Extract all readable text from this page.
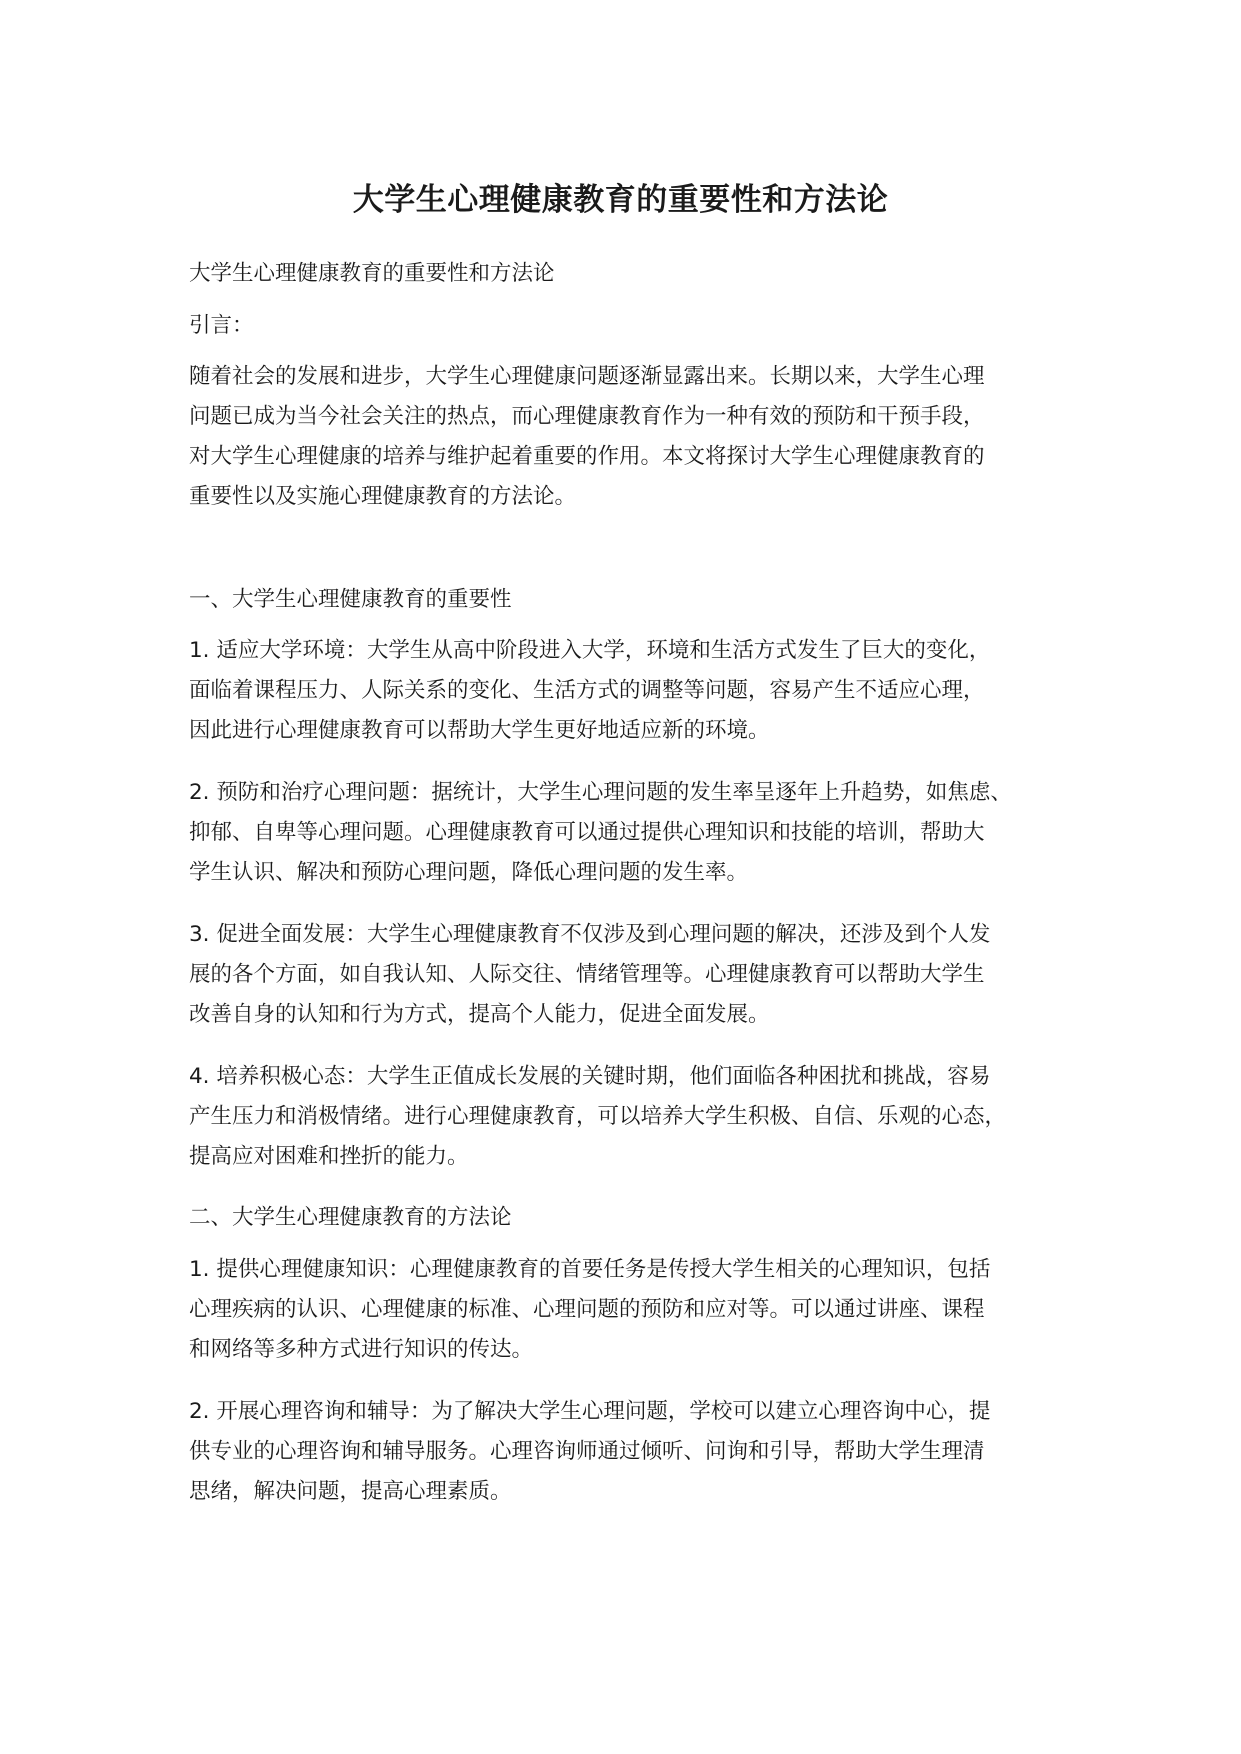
大学生心理健康教育的重要性和方法论

大学生心理健康教育的重要性和方法论

引言：

随着社会的发展和进步，大学生心理健康问题逐渐显露出来。长期以来，大学生心理
问题已成为当今社会关注的热点，而心理健康教育作为一种有效的预防和干预手段，
对大学生心理健康的培养与维护起着重要的作用。本文将探讨大学生心理健康教育的
重要性以及实施心理健康教育的方法论。

一、大学生心理健康教育的重要性

1. 适应大学环境：大学生从高中阶段进入大学，环境和生活方式发生了巨大的变化，
面临着课程压力、人际关系的变化、生活方式的调整等问题，容易产生不适应心理，
因此进行心理健康教育可以帮助大学生更好地适应新的环境。
2. 预防和治疗心理问题：据统计，大学生心理问题的发生率呈逐年上升趋势，如焦虑、
抑郁、自卑等心理问题。心理健康教育可以通过提供心理知识和技能的培训，帮助大
学生认识、解决和预防心理问题，降低心理问题的发生率。
3. 促进全面发展：大学生心理健康教育不仅涉及到心理问题的解决，还涉及到个人发
展的各个方面，如自我认知、人际交往、情绪管理等。心理健康教育可以帮助大学生
改善自身的认知和行为方式，提高个人能力，促进全面发展。
4. 培养积极心态：大学生正值成长发展的关键时期，他们面临各种困扰和挑战，容易
产生压力和消极情绪。进行心理健康教育，可以培养大学生积极、自信、乐观的心态，
提高应对困难和挫折的能力。

二、大学生心理健康教育的方法论

1. 提供心理健康知识：心理健康教育的首要任务是传授大学生相关的心理知识，包括
心理疾病的认识、心理健康的标准、心理问题的预防和应对等。可以通过讲座、课程
和网络等多种方式进行知识的传达。
2. 开展心理咨询和辅导：为了解决大学生心理问题，学校可以建立心理咨询中心，提
供专业的心理咨询和辅导服务。心理咨询师通过倾听、问询和引导，帮助大学生理清
思绪，解决问题，提高心理素质。
